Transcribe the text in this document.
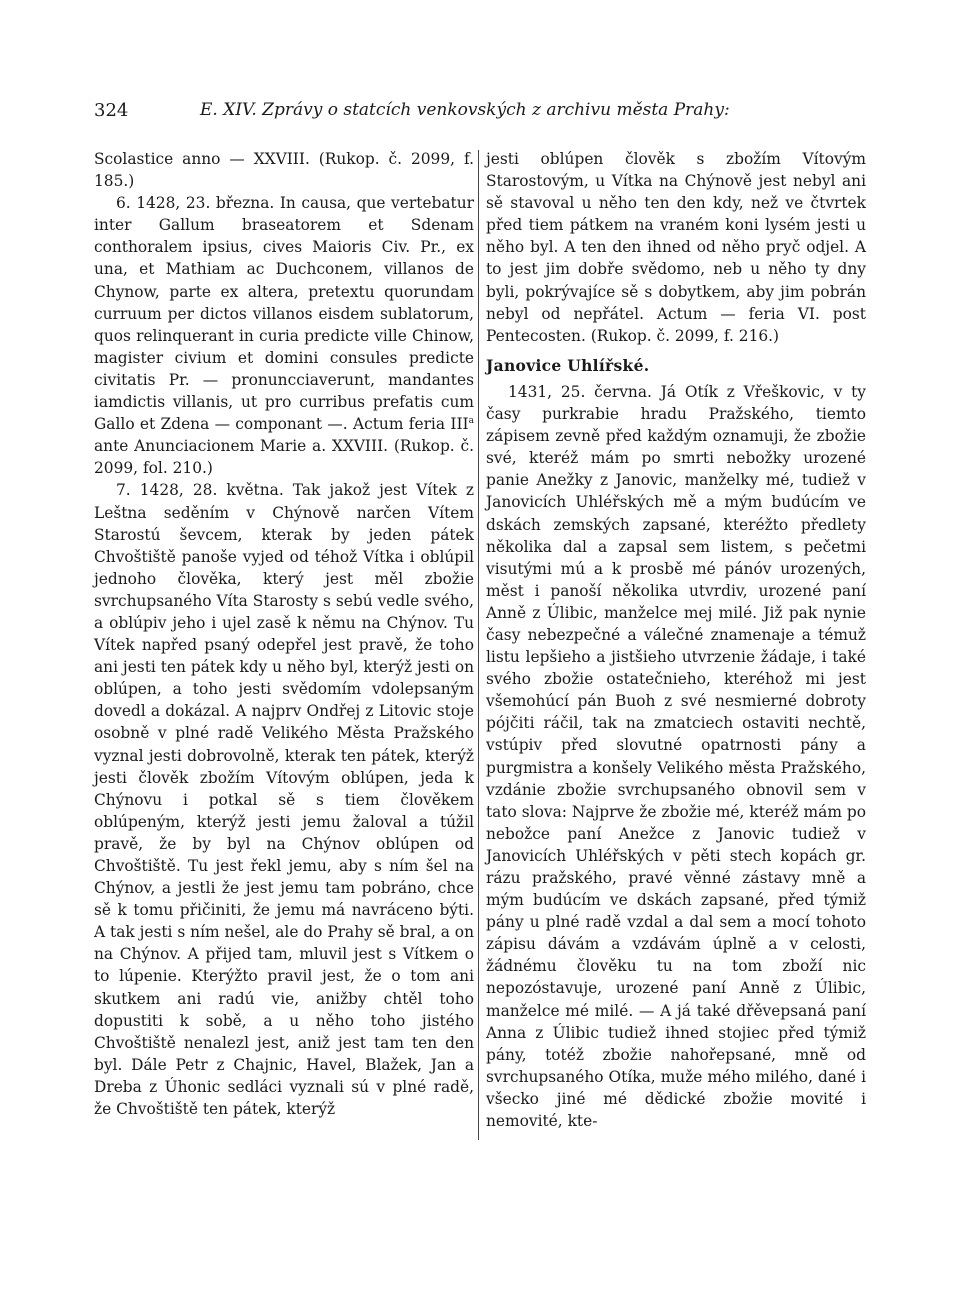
324	E. XIV. Zprávy o statcích venkovských z archivu města Prahy:

Scolastice anno — XXVIII. (Rukop. č. 2099, f. 185.)

6. 1428, 23. března. In causa, que vertebatur inter Gallum braseatorem et Sdenam conthoralem ipsius, cives Maioris Civ. Pr., ex una, et Mathiam ac Duchconem, villanos de Chynow, parte ex altera, pretextu quorundam curruum per dictos villanos eisdem sublatorum, quos relinquerant in curia predicte ville Chinow, magister civium et domini consules predicte civitatis Pr. — pronuncciaverunt, mandantes iamdictis villanis, ut pro curribus prefatis cum Gallo et Zdena — componant —. Actum feria III$^a$ ante Anunciacionem Marie a. XXVIII. (Rukop. č. 2099, fol. 210.)

7. 1428, 28. května. Tak jakož jest Vítek z Leštna seděním v Chýnově narčen Vítem Starostú ševcem, kterak by jeden pátek Chvoštiště panoše vyjed od téhož Vítka i oblúpil jednoho člověka, který jest měl zbožie svrchupsaného Víta Starosty s sebú vedle svého, a oblúpiv jeho i ujel zasě k němu na Chýnov. Tu Vítek napřed psaný odepřel jest pravě, že toho ani jesti ten pátek kdy u něho byl, kterýž jesti on oblúpen, a toho jesti svědomím vdolepsaným dovedl a dokázal. A najprv Ondřej z Litovic stoje osobně v plné radě Velikého Města Pražského vyznal jesti dobrovolně, kterak ten pátek, kterýž jesti člověk zbožím Vítovým oblúpen, jeda k Chýnovu i potkal sě s tiem člověkem oblúpeným, kterýž jesti jemu žaloval a túžil pravě, že by byl na Chýnov oblúpen od Chvoštiště. Tu jest řekl jemu, aby s ním šel na Chýnov, a jestli že jest jemu tam pobráno, chce sě k tomu přičiniti, že jemu má navráceno býti. A tak jesti s ním nešel, ale do Prahy sě bral, a on na Chýnov. A přijed tam, mluvil jest s Vítkem o to lúpenie. Kterýžto pravil jest, že o tom ani skutkem ani radú vie, anižby chtěl toho dopustiti k sobě, a u něho toho jistého Chvoštiště nenalezl jest, aniž jest tam ten den byl. Dále Petr z Chajnic, Havel, Blažek, Jan a Dreba z Úhonic sedláci vyznali sú v plné radě, že Chvoštiště ten pátek, kterýž

jesti oblúpen člověk s zbožím Vítovým Starostovým, u Vítka na Chýnově jest nebyl ani sě stavoval u něho ten den kdy, než ve čtvrtek před tiem pátkem na vraném koni lysém jesti u něho byl. A ten den ihned od něho pryč odjel. A to jest jim dobře svědomo, neb u něho ty dny byli, pokrývajíce sě s dobytkem, aby jim pobrán nebyl od nepřátel. Actum — feria VI. post Pentecosten. (Rukop. č. 2099, f. 216.)

Janovice Uhlířské.

1431, 25. června. Já Otík z Vřeškovic, v ty časy purkrabie hradu Pražského, tiemto zápisem zevně před každým oznamuji, že zbožie své, kteréž mám po smrti nebožky urozené panie Anežky z Janovic, manželky mé, tudiež v Janovicích Uhléřských mě a mým budúcím ve dskách zemských zapsané, kteréžto předlety několika dal a zapsal sem listem, s pečetmi visutými mú a k prosbě mé pánóv urozených, měst i panoší několika utvrdiv, urozené paní Anně z Úlibic, manželce mej milé. Již pak nynie časy nebezpečné a válečné znamenaje a témuž listu lepšieho a jistšieho utvrzenie žádaje, i také svého zbožie ostatečnieho, kteréhož mi jest všemohúcí pán Buoh z své nesmierné dobroty pójčiti ráčil, tak na zmatciech ostaviti nechtě, vstúpiv před slovutné opatrnosti pány a purgmistra a konšely Velikého města Pražského, vzdánie zbožie svrchupsaného obnovil sem v tato slova: Najprve že zbožie mé, kteréž mám po nebožce paní Anežce z Janovic tudiež v Janovicích Uhléřských v pěti stech kopách gr. rázu pražského, pravé věnné zástavy mně a mým budúcím ve dskách zapsané, před týmiž pány u plné radě vzdal a dal sem a mocí tohoto zápisu dávám a vzdávám úplně a v celosti, žádnému člověku tu na tom zboží nic nepozóstavuje, urozené paní Anně z Úlibic, manželce mé milé. — A já také dřěvepsaná paní Anna z Úlibic tudiež ihned stojiec před týmiž pány, totéž zbožie nahořepsané, mně od svrchupsaného Otíka, muže mého milého, dané i všecko jiné mé dědické zbožie movité i nemovité, kte-
